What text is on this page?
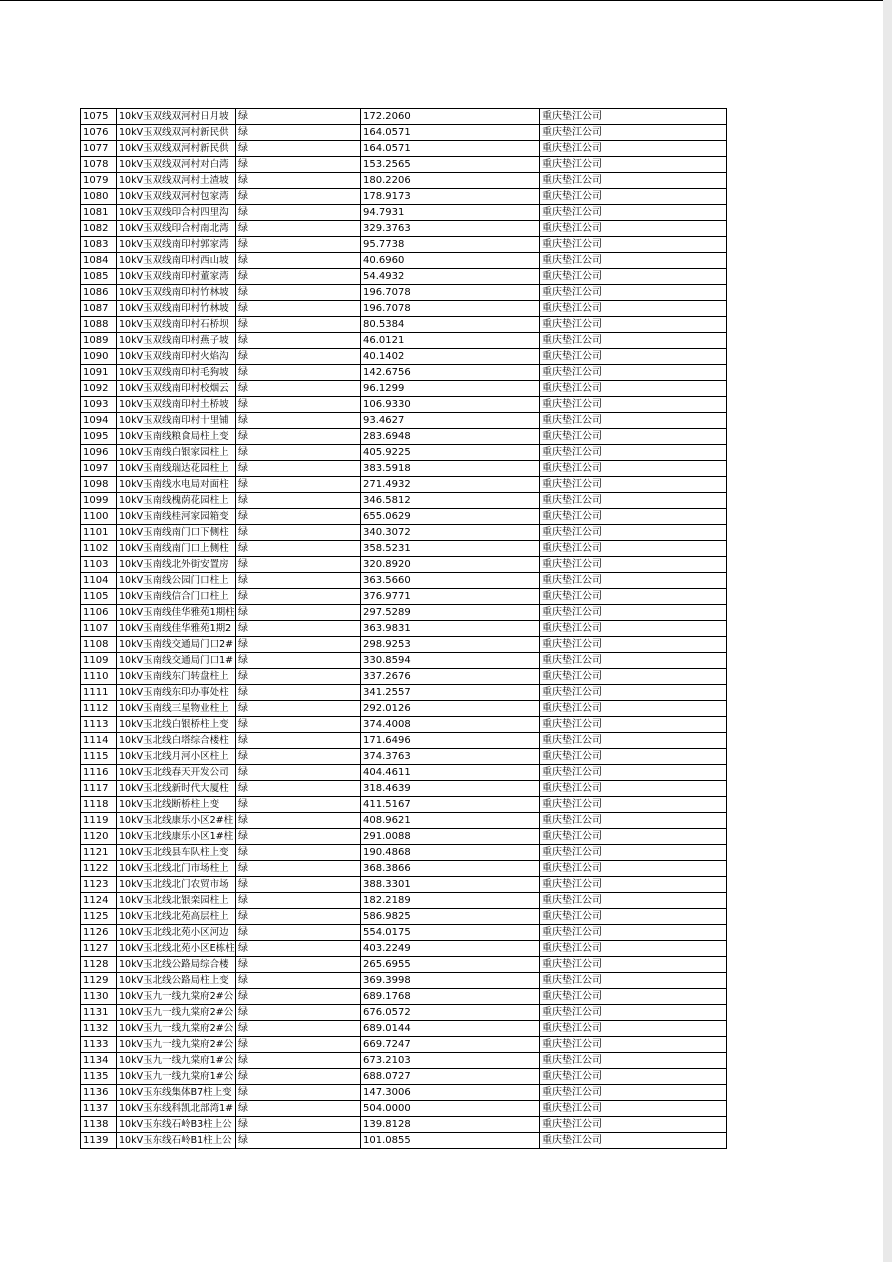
1075	10kV玉双线双河村日月坡	绿	172.2060	重庆垫江公司
1076	10kV玉双线双河村新民供	绿	164.0571	重庆垫江公司
1077	10kV玉双线双河村新民供	绿	164.0571	重庆垫江公司
1078	10kV玉双线双河村对白湾	绿	153.2565	重庆垫江公司
1079	10kV玉双线双河村土渣坡	绿	180.2206	重庆垫江公司
1080	10kV玉双线双河村包家湾	绿	178.9173	重庆垫江公司
1081	10kV玉双线印合村四里沟	绿	94.7931	重庆垫江公司
1082	10kV玉双线印合村南北湾	绿	329.3763	重庆垫江公司
1083	10kV玉双线南印村郭家湾	绿	95.7738	重庆垫江公司
1084	10kV玉双线南印村西山坡	绿	40.6960	重庆垫江公司
1085	10kV玉双线南印村董家湾	绿	54.4932	重庆垫江公司
1086	10kV玉双线南印村竹林坡	绿	196.7078	重庆垫江公司
1087	10kV玉双线南印村竹林坡	绿	196.7078	重庆垫江公司
1088	10kV玉双线南印村石桥坝	绿	80.5384	重庆垫江公司
1089	10kV玉双线南印村燕子坡	绿	46.0121	重庆垫江公司
1090	10kV玉双线南印村火焰沟	绿	40.1402	重庆垫江公司
1091	10kV玉双线南印村毛狗坡	绿	142.6756	重庆垫江公司
1092	10kV玉双线南印村校烟云	绿	96.1299	重庆垫江公司
1093	10kV玉双线南印村土桥坡	绿	106.9330	重庆垫江公司
1094	10kV玉双线南印村十里铺	绿	93.4627	重庆垫江公司
1095	10kV玉南线粮食局柱上变	绿	283.6948	重庆垫江公司
1096	10kV玉南线白银家园柱上	绿	405.9225	重庆垫江公司
1097	10kV玉南线瑞达花园柱上	绿	383.5918	重庆垫江公司
1098	10kV玉南线水电局对面柱	绿	271.4932	重庆垫江公司
1099	10kV玉南线槐荫花园柱上	绿	346.5812	重庆垫江公司
1100	10kV玉南线桂河家园箱变	绿	655.0629	重庆垫江公司
1101	10kV玉南线南门口下侧柱	绿	340.3072	重庆垫江公司
1102	10kV玉南线南门口上侧柱	绿	358.5231	重庆垫江公司
1103	10kV玉南线北外街安置房	绿	320.8920	重庆垫江公司
1104	10kV玉南线公园门口柱上	绿	363.5660	重庆垫江公司
1105	10kV玉南线信合门口柱上	绿	376.9771	重庆垫江公司
1106	10kV玉南线佳华雅苑1期柱	绿	297.5289	重庆垫江公司
1107	10kV玉南线佳华雅苑1期2	绿	363.9831	重庆垫江公司
1108	10kV玉南线交通局门口2#	绿	298.9253	重庆垫江公司
1109	10kV玉南线交通局门口1#	绿	330.8594	重庆垫江公司
1110	10kV玉南线东门转盘柱上	绿	337.2676	重庆垫江公司
1111	10kV玉南线东印办事处柱	绿	341.2557	重庆垫江公司
1112	10kV玉南线三星物业柱上	绿	292.0126	重庆垫江公司
1113	10kV玉北线白银桥柱上变	绿	374.4008	重庆垫江公司
1114	10kV玉北线白塔综合楼柱	绿	171.6496	重庆垫江公司
1115	10kV玉北线月河小区柱上	绿	374.3763	重庆垫江公司
1116	10kV玉北线春天开发公司	绿	404.4611	重庆垫江公司
1117	10kV玉北线新时代大厦柱	绿	318.4639	重庆垫江公司
1118	10kV玉北线断桥柱上变	绿	411.5167	重庆垫江公司
1119	10kV玉北线康乐小区2#柱	绿	408.9621	重庆垫江公司
1120	10kV玉北线康乐小区1#柱	绿	291.0088	重庆垫江公司
1121	10kV玉北线县车队柱上变	绿	190.4868	重庆垫江公司
1122	10kV玉北线北门市场柱上	绿	368.3866	重庆垫江公司
1123	10kV玉北线北门农贸市场	绿	388.3301	重庆垫江公司
1124	10kV玉北线北银栾园柱上	绿	182.2189	重庆垫江公司
1125	10kV玉北线北苑高层柱上	绿	586.9825	重庆垫江公司
1126	10kV玉北线北苑小区河边	绿	554.0175	重庆垫江公司
1127	10kV玉北线北苑小区E栋柱	绿	403.2249	重庆垫江公司
1128	10kV玉北线公路局综合楼	绿	265.6955	重庆垫江公司
1129	10kV玉北线公路局柱上变	绿	369.3998	重庆垫江公司
1130	10kV玉九一线九棠府2#公	绿	689.1768	重庆垫江公司
1131	10kV玉九一线九棠府2#公	绿	676.0572	重庆垫江公司
1132	10kV玉九一线九棠府2#公	绿	689.0144	重庆垫江公司
1133	10kV玉九一线九棠府2#公	绿	669.7247	重庆垫江公司
1134	10kV玉九一线九棠府1#公	绿	673.2103	重庆垫江公司
1135	10kV玉九一线九棠府1#公	绿	688.0727	重庆垫江公司
1136	10kV玉东线集体B7柱上变	绿	147.3006	重庆垫江公司
1137	10kV玉东线科凯北部湾1#	绿	504.0000	重庆垫江公司
1138	10kV玉东线石岭B3柱上公	绿	139.8128	重庆垫江公司
1139	10kV玉东线石岭B1柱上公	绿	101.0855	重庆垫江公司
